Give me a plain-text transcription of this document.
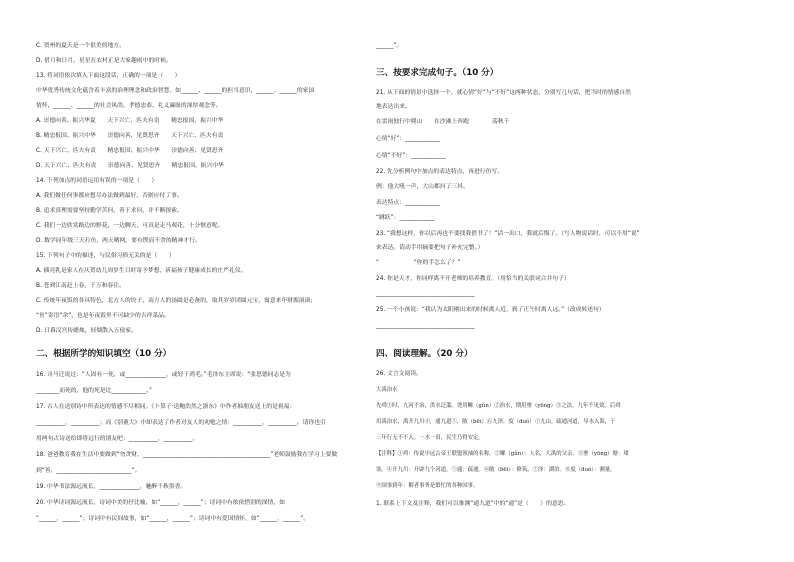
C. 贺州的夏天是一个很美的地方。
D. 借月和日月，星星在农村正是大家趣雨中的时候。
13. 将词语依次填入下面这段话，正确的一项是（　　）
中华优秀传统文化蕴含着丰富的治理理念和政治智慧。如______、______的担当意识，______、______的家国
情怀，______、______的社会风尚，孝德忠恭、礼义廉耻的深厚观念等。
A. 崇德向善、振兴华夏　　天下兴亡，匹夫有责　　精忠报国、振兴中华
B. 精忠报国、振兴中华　　崇德向善、见贤思齐　　天下兴亡、匹夫有责
C. 天下兴亡、匹夫有责　　精忠报国、振兴中华　　崇德向善、见贤思齐
D. 天下兴亡、匹夫有责　　崇德向善、见贤思齐　　精忠报国、振兴中华
14. 下列加点的词语运用有误的一项是（　　）
A. 我们做任何事都应想尽办法做到最好，否则应付了事。
B. 追求真理需要坚持勤学苦问，善于求问，并不断探索。
C. 我们一边欣赏路边的野花，一边聊天，可真是走马观花，十分惬意呢。
D. 数学同年级三天打鱼，两天晒网，要有锲而不舍的精神才行。
15. 下列句子中的描述，与民俗习俗无关的是（　　）
A. 插亮乳是家人在庆贺幼儿周岁生日时寄予梦想，祈福孩子健康成长的庄严礼仪。
B. 苍到江南赶上春，千万和春住。
C. 传统年夜饭的各具特色，北方人的饺子、南方人的汤圆是必备的，取其岁岁团圆元宝，寓意来年财源滚滚；
“鱼”寄语“余”，也是年夜饭里不可缺少的吉祥菜品。
D. 日暮汉宫传蜡烛，轻烟散入五侯家。
二、根据所学的知识填空（10 分）
16. 司马迁说过：“人固有一死，或______________，或轻于鸿毛。”毛泽东主席说：“张思德同志是为
________而死的，他的死是比____________。”
17. 古人在送别诗中所表达的情感不尽相同。《卜算子·送鲍浩然之浙东》中作者抽朋友送上的是祝福：
__________，__________；而《别董大》中却表达了作者对友人的劝勉之情：__________，__________。请你也引
用两句古诗送给即将远行的朋友吧：__________，__________。
18. 爸爸教育我在生活中要做到“勿贪财，____________________________________________”老师鼓励我在学习上要做
到“善，__________________________”。
19. 中华书法源远流长，______________，魅醉千秋墨香。
20. 中华诗词源远流长，诗词中美的抒比喻，如“______，______”；诗词中有依依惜别的深情，如
“______，______”；诗词中有民间故事，如“______，______”；诗词中有爱国情怀，如“______，______”。
______”。
三、按要求完成句子。（10 分）
21. 从下面的情景中选择一个，就心情“好”与“不好”这两种状态，分别写几句话，把当时的情感自然
地表达出来。
在雷雨独行中爬山　　在沙滩上奔跑　　　　荡秋千
心情“好”：____________
心情“不好”：____________
22. 先分析例句中加点的表达特点，再进行仿写。
例：他大吼一声，大山都抖了三抖。
表达特点：____________
“跳跃”：____________
23. “我想这样，你以后再也不要找我借书了！”话一出口，我就后悔了。（写人物说话时，可以不用“说”
来表达。请动手用摘要把句子补充完整。）
“　　　　　　”你的手怎么了？”
24. 你是天才，你同样离不开老师的培养教育。（用恰当的关联词合并句子）
__________________________________
25. 一个小孩说：“我认为太阳刚出来的时候离人近，到了正午时离人远。”（改成转述句）
__________________________________
四、阅读理解。（20 分）
26. 文言文阅读。
大禹治水
先舜①时，九河不治，洪水泛滥。尧用鲧（gǔn）②治水，期用壅（yōng）③之法，九年不见效。后舜
用禹治水，禹开九川④，通九道⑤，陂（bēi）⑥九泽，度（duó）⑦九山。疏通河道，导水入海，于
三年行无不不入。一水一田，民生乃得安定。
【注释】①舜：传说中远古帝王联盟领袖的名称。②鲧（gǔn）：人名，大禹的父亲。③壅（yōng）塘：堵
塞。④开九川：开辟九个河道。⑤通：疏通。⑥陂（bēi）：修筑。⑦泽：湖泊。⑧度（duó）：测量。
⑨国事到年：解者事务是繁忙的各种国事。
1. 联系上下文及注释，我们可以推测“通九道”中的“通”是（　　）的意思。
